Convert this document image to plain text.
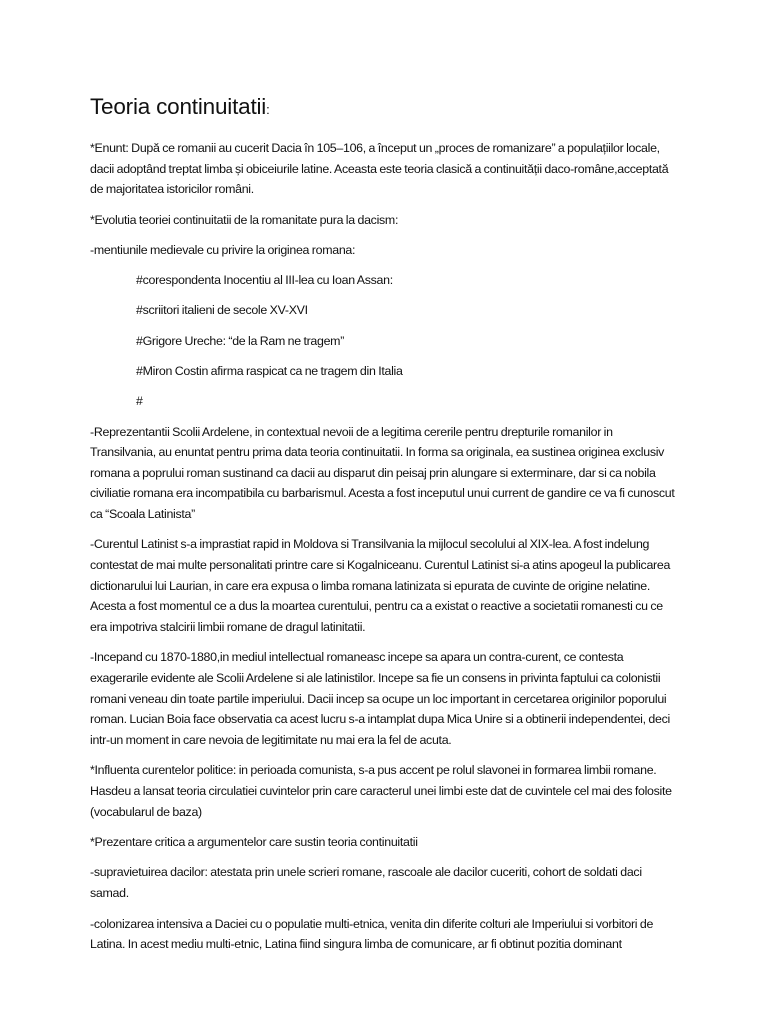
Teoria continuitatii:

*Enunt: După ce romanii au cucerit Dacia în 105–106, a început un „proces de romanizare” a populațiilor locale, dacii adoptând treptat limba și obiceiurile latine. Aceasta este teoria clasică a continuității daco-române,acceptată de majoritatea istoricilor români.

*Evolutia teoriei continuitatii de la romanitate pura la dacism:

-mentiunile medievale cu privire la originea romana:

#corespondenta Inocentiu al III-lea cu Ioan Assan:

#scriitori italieni de secole XV-XVI

#Grigore Ureche: “de la Ram ne tragem”

#Miron Costin afirma raspicat ca ne tragem din Italia

#

-Reprezentantii Scolii Ardelene, in contextual nevoii de a legitima cererile pentru drepturile romanilor in Transilvania, au enuntat pentru prima data teoria continuitatii. In forma sa originala, ea sustinea originea exclusiv romana a poprului roman sustinand ca dacii au disparut din peisaj prin alungare si exterminare, dar si ca nobila civiliatie romana era incompatibila cu barbarismul. Acesta a fost inceputul unui current de gandire ce va fi cunoscut ca “Scoala Latinista”

-Curentul Latinist s-a imprastiat rapid in Moldova si Transilvania la mijlocul secolului al XIX-lea. A fost indelung contestat de mai multe personalitati printre care si Kogalniceanu. Curentul Latinist si-a atins apogeul la publicarea dictionarului lui Laurian, in care era expusa o limba romana latinizata si epurata de cuvinte de origine nelatine. Acesta a fost momentul ce a dus la moartea curentului, pentru ca a existat o reactive a societatii romanesti cu ce era impotriva stalcirii limbii romane de dragul latinitatii.

-Incepand cu 1870-1880,in mediul intellectual romaneasc incepe sa apara un contra-curent, ce contesta exagerarile evidente ale Scolii Ardelene si ale latinistilor. Incepe sa fie un consens in privinta faptului ca colonistii romani veneau din toate partile imperiului. Dacii incep sa ocupe un loc important in cercetarea originilor poporului roman. Lucian Boia face observatia ca acest lucru s-a intamplat dupa Mica Unire si a obtinerii independentei, deci intr-un moment in care nevoia de legitimitate nu mai era la fel de acuta.

*Influenta curentelor politice: in perioada comunista, s-a pus accent pe rolul slavonei in formarea limbii romane. Hasdeu a lansat teoria circulatiei cuvintelor prin care caracterul unei limbi este dat de cuvintele cel mai des folosite (vocabularul de baza)

*Prezentare critica a argumentelor care sustin teoria continuitatii

-supravietuirea dacilor: atestata prin unele scrieri romane, rascoale ale dacilor cuceriti, cohort de soldati daci samad.

-colonizarea intensiva a Daciei cu o populatie multi-etnica, venita din diferite colturi ale Imperiului si vorbitori de Latina. In acest mediu multi-etnic, Latina fiind singura limba de comunicare, ar fi obtinut pozitia dominant
